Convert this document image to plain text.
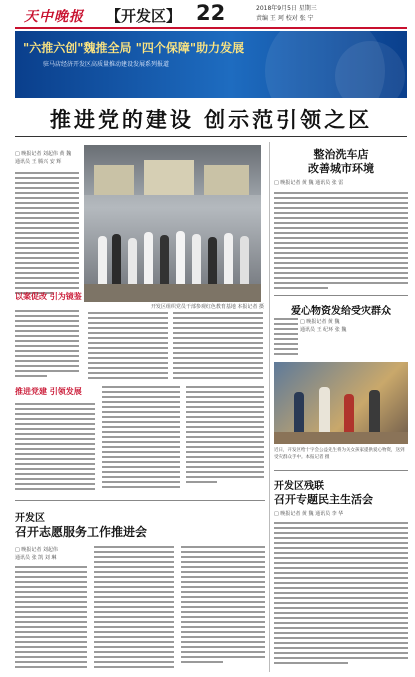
天中晚报 【开发区】 22	2018年9月5日 星期三
责编 王 珂 校对 张 宁
"六推六创"魏推全局 "四个保障"助力发展
驻马店经济开发区高质量推动建设发展系列报道
推进党的建设 创示范引领之区
□ 晚报记者 刘起伟 黄 魏
通讯员 王 腾兴 安 辉
开发区组织党员干部参观红色教育基地 本报记者 摄
以案促改 引为镜鉴
推进党建 引领发展
开发区
召开志愿服务工作推进会
□ 晚报记者 刘起伟
通讯员 张 凯 刘 琳
整治洗车店
改善城市环境
□ 晚报记者 黄 魏 通讯员 张 雷
爱心物资发给受灾群众
□ 晚报记者 黄 魏
通讯员 王 纪环 张 魏
近日，开发区给十字会公益先生将为关女孩家提供爱心物资，送到受灾群众手中。本报记者 摄
开发区残联
召开专题民主生活会
□ 晚报记者 黄 魏 通讯员 李 华
